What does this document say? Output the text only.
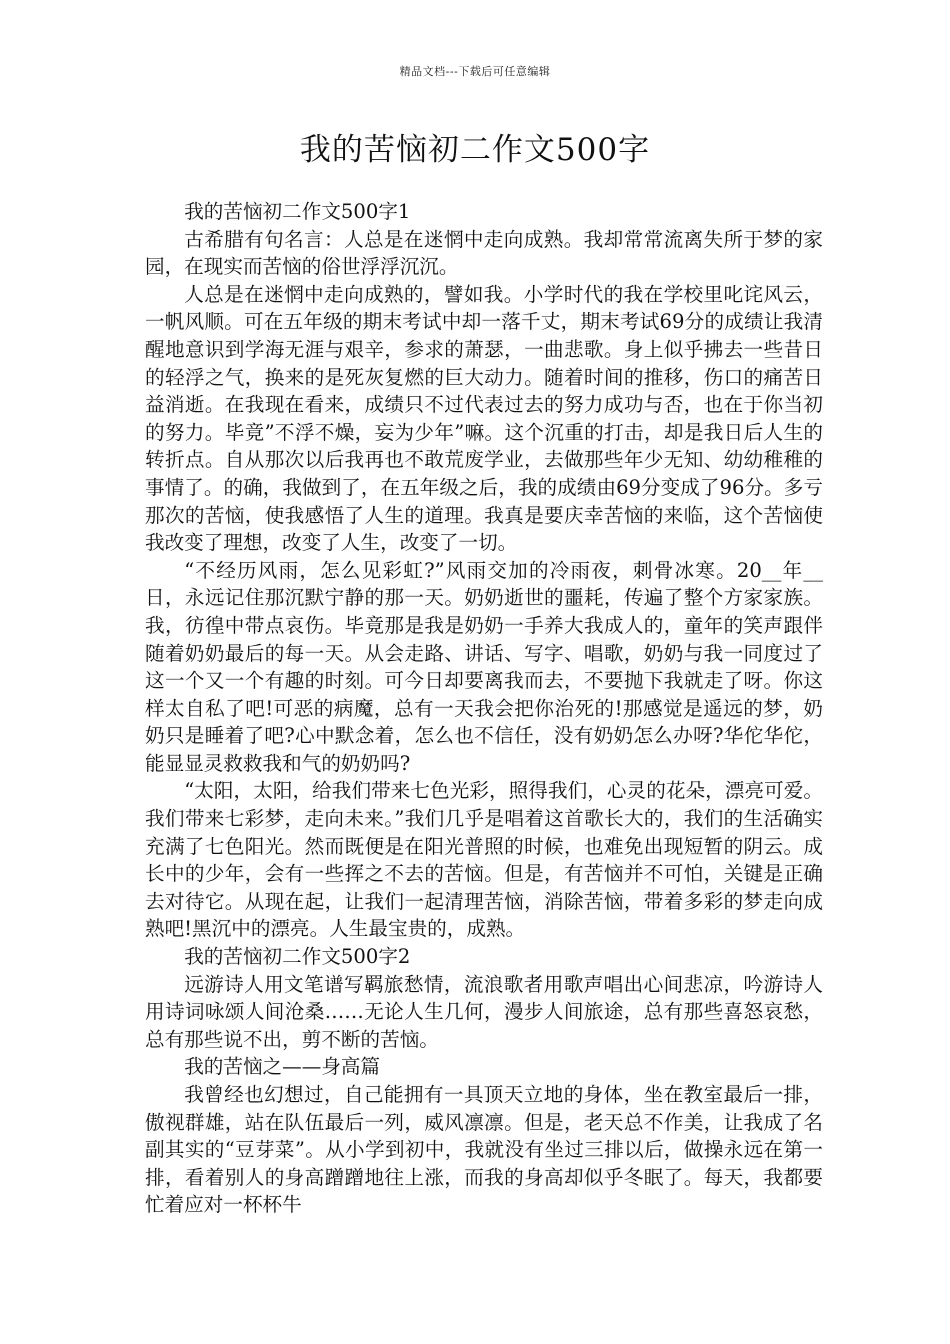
精品文档---下载后可任意编辑
我的苦恼初二作文500字

我的苦恼初二作文500字1

古希腊有句名言：人总是在迷惘中走向成熟。我却常常流离失所于梦的家园，在现实而苦恼的俗世浮浮沉沉。

人总是在迷惘中走向成熟的，譬如我。小学时代的我在学校里叱诧风云，一帆风顺。可在五年级的期末考试中却一落千丈，期末考试69分的成绩让我清醒地意识到学海无涯与艰辛，参求的萧瑟，一曲悲歌。身上似乎拂去一些昔日的轻浮之气，换来的是死灰复燃的巨大动力。随着时间的推移，伤口的痛苦日益消逝。在我现在看来，成绩只不过代表过去的努力成功与否，也在于你当初的努力。毕竟”不浮不燥，妄为少年”嘛。这个沉重的打击，却是我日后人生的转折点。自从那次以后我再也不敢荒废学业，去做那些年少无知、幼幼稚稚的事情了。的确，我做到了，在五年级之后，我的成绩由69分变成了96分。多亏那次的苦恼，使我感悟了人生的道理。我真是要庆幸苦恼的来临，这个苦恼使我改变了理想，改变了人生，改变了一切。

“不经历风雨，怎么见彩虹?”风雨交加的冷雨夜，刺骨冰寒。20__年__日，永远记住那沉默宁静的那一天。奶奶逝世的噩耗，传遍了整个方家家族。我，彷徨中带点哀伤。毕竟那是我是奶奶一手养大我成人的，童年的笑声跟伴随着奶奶最后的每一天。从会走路、讲话、写字、唱歌，奶奶与我一同度过了这一个又一个有趣的时刻。可今日却要离我而去，不要抛下我就走了呀。你这样太自私了吧!可恶的病魔，总有一天我会把你治死的!那感觉是遥远的梦，奶奶只是睡着了吧?心中默念着，怎么也不信任，没有奶奶怎么办呀?华佗华佗，能显显灵救救我和气的奶奶吗?

“太阳，太阳，给我们带来七色光彩，照得我们，心灵的花朵，漂亮可爱。我们带来七彩梦，走向未来。”我们几乎是唱着这首歌长大的，我们的生活确实充满了七色阳光。然而既便是在阳光普照的时候，也难免出现短暂的阴云。成长中的少年，会有一些挥之不去的苦恼。但是，有苦恼并不可怕，关键是正确去对待它。从现在起，让我们一起清理苦恼，消除苦恼，带着多彩的梦走向成熟吧!黑沉中的漂亮。人生最宝贵的，成熟。

我的苦恼初二作文500字2

远游诗人用文笔谱写羁旅愁情，流浪歌者用歌声唱出心间悲凉，吟游诗人用诗词咏颂人间沧桑……无论人生几何，漫步人间旅途，总有那些喜怒哀愁，总有那些说不出，剪不断的苦恼。

我的苦恼之——身高篇

我曾经也幻想过，自己能拥有一具顶天立地的身体，坐在教室最后一排，傲视群雄，站在队伍最后一列，威风凛凛。但是，老天总不作美，让我成了名副其实的“豆芽菜”。从小学到初中，我就没有坐过三排以后，做操永远在第一排，看着别人的身高蹭蹭地往上涨，而我的身高却似乎冬眠了。每天，我都要忙着应对一杯杯牛
